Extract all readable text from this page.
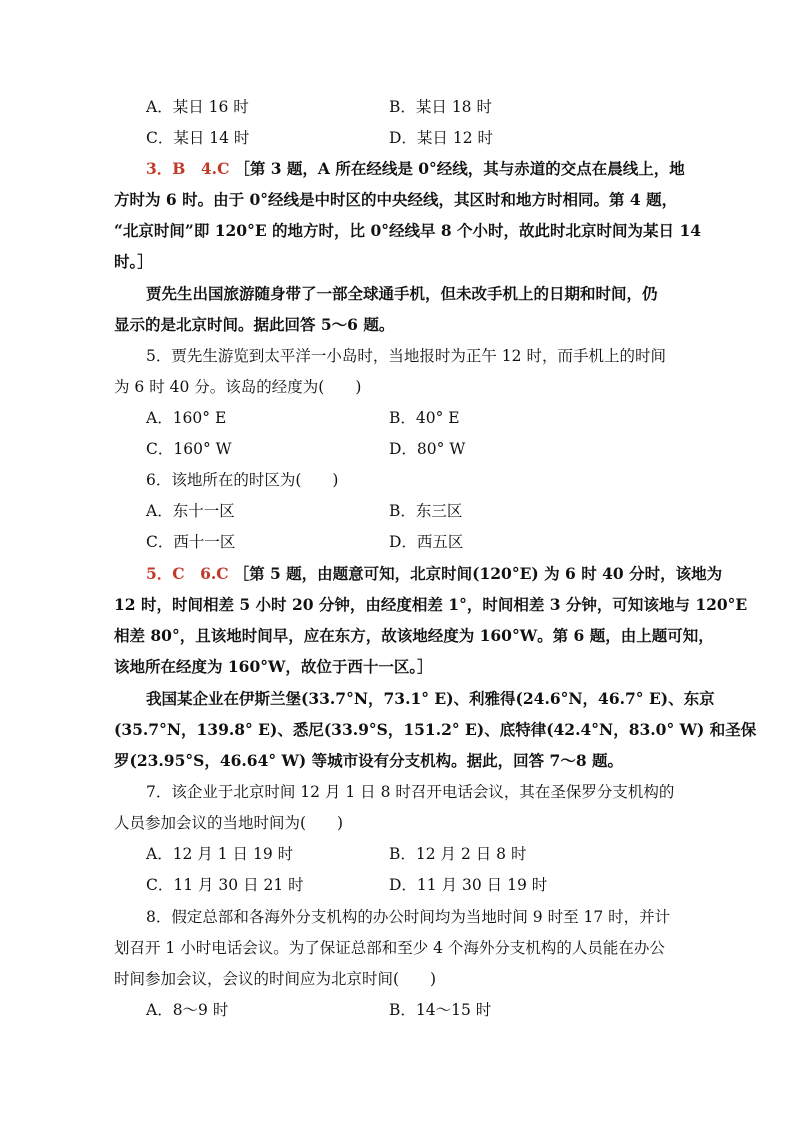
A．某日 16 时	B．某日 18 时
C．某日 14 时	D．某日 12 时
3．B　4.C ［第 3 题，A 所在经线是 0°经线，其与赤道的交点在晨线上，地
方时为 6 时。由于 0°经线是中时区的中央经线，其区时和地方时相同。第 4 题，
“北京时间”即 120°E 的地方时，比 0°经线早 8 个小时，故此时北京时间为某日 14
时。］
贾先生出国旅游随身带了一部全球通手机，但未改手机上的日期和时间，仍
显示的是北京时间。据此回答 5～6 题。
5．贾先生游览到太平洋一小岛时，当地报时为正午 12 时，而手机上的时间
为 6 时 40 分。该岛的经度为(　　)
A．160° E	B．40° E
C．160° W	D．80° W
6．该地所在的时区为(　　)
A．东十一区	B．东三区
C．西十一区	D．西五区
5．C　6.C ［第 5 题，由题意可知，北京时间(120°E) 为 6 时 40 分时，该地为
12 时，时间相差 5 小时 20 分钟，由经度相差 1°，时间相差 3 分钟，可知该地与 120°E
相差 80°，且该地时间早，应在东方，故该地经度为 160°W。第 6 题，由上题可知，
该地所在经度为 160°W，故位于西十一区。］
我国某企业在伊斯兰堡(33.7°N，73.1° E)、利雅得(24.6°N，46.7° E)、东京
(35.7°N，139.8° E)、悉尼(33.9°S，151.2° E)、底特律(42.4°N，83.0° W) 和圣保
罗(23.95°S，46.64° W) 等城市设有分支机构。据此，回答 7～8 题。
7．该企业于北京时间 12 月 1 日 8 时召开电话会议，其在圣保罗分支机构的
人员参加会议的当地时间为(　　)
A．12 月 1 日 19 时	B．12 月 2 日 8 时
C．11 月 30 日 21 时	D．11 月 30 日 19 时
8．假定总部和各海外分支机构的办公时间均为当地时间 9 时至 17 时，并计
划召开 1 小时电话会议。为了保证总部和至少 4 个海外分支机构的人员能在办公
时间参加会议，会议的时间应为北京时间(　　)
A．8～9 时	B．14～15 时
